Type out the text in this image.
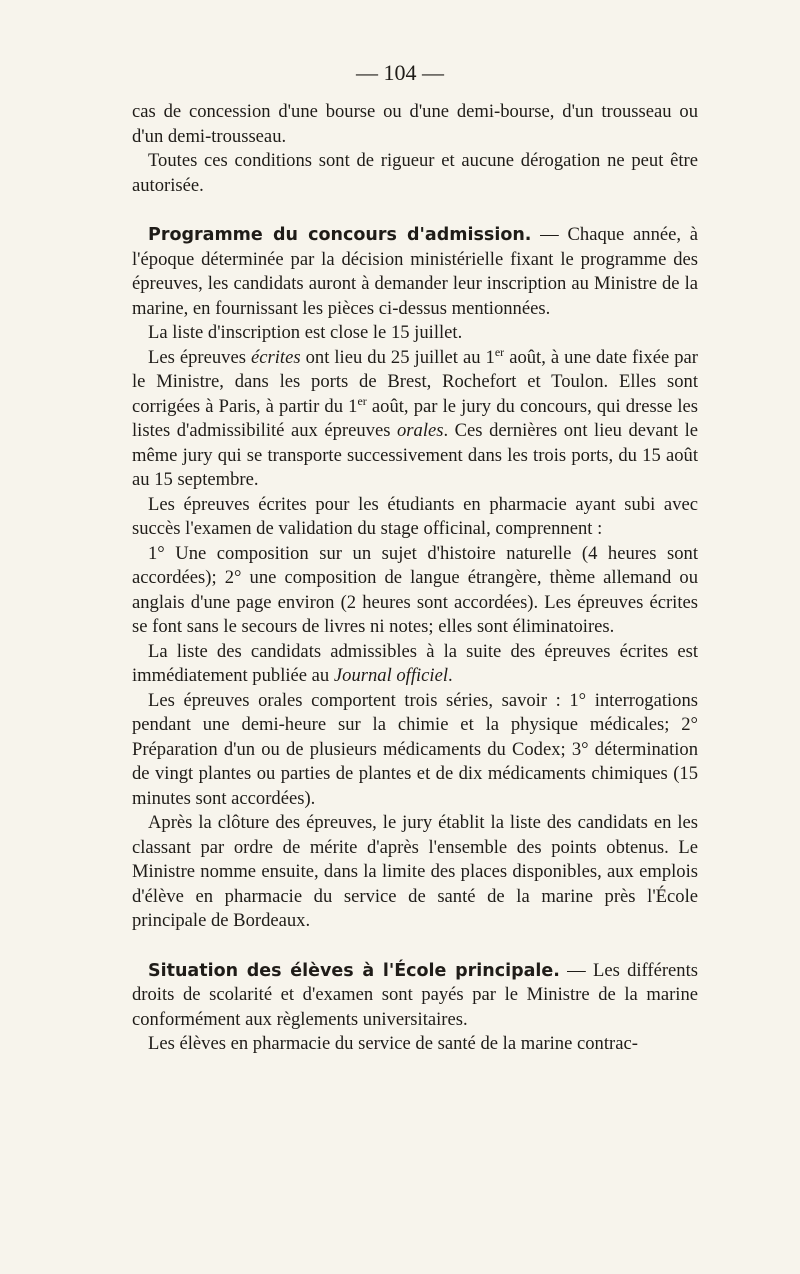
— 104 —

cas de concession d'une bourse ou d'une demi-bourse, d'un trousseau ou d'un demi-trousseau.

Toutes ces conditions sont de rigueur et aucune dérogation ne peut être autorisée.

Programme du concours d'admission. — Chaque année, à l'époque déterminée par la décision ministérielle fixant le programme des épreuves, les candidats auront à demander leur inscription au Ministre de la marine, en fournissant les pièces ci-dessus mentionnées.

La liste d'inscription est close le 15 juillet.

Les épreuves écrites ont lieu du 25 juillet au 1er août, à une date fixée par le Ministre, dans les ports de Brest, Rochefort et Toulon. Elles sont corrigées à Paris, à partir du 1er août, par le jury du concours, qui dresse les listes d'admissibilité aux épreuves orales. Ces dernières ont lieu devant le même jury qui se transporte successivement dans les trois ports, du 15 août au 15 septembre.

Les épreuves écrites pour les étudiants en pharmacie ayant subi avec succès l'examen de validation du stage officinal, comprennent :

1° Une composition sur un sujet d'histoire naturelle (4 heures sont accordées); 2° une composition de langue étrangère, thème allemand ou anglais d'une page environ (2 heures sont accordées). Les épreuves écrites se font sans le secours de livres ni notes; elles sont éliminatoires.

La liste des candidats admissibles à la suite des épreuves écrites est immédiatement publiée au Journal officiel.

Les épreuves orales comportent trois séries, savoir : 1° interrogations pendant une demi-heure sur la chimie et la physique médicales; 2° Préparation d'un ou de plusieurs médicaments du Codex; 3° détermination de vingt plantes ou parties de plantes et de dix médicaments chimiques (15 minutes sont accordées).

Après la clôture des épreuves, le jury établit la liste des candidats en les classant par ordre de mérite d'après l'ensemble des points obtenus. Le Ministre nomme ensuite, dans la limite des places disponibles, aux emplois d'élève en pharmacie du service de santé de la marine près l'École principale de Bordeaux.

Situation des élèves à l'École principale. — Les différents droits de scolarité et d'examen sont payés par le Ministre de la marine conformément aux règlements universitaires.

Les élèves en pharmacie du service de santé de la marine contrac-
